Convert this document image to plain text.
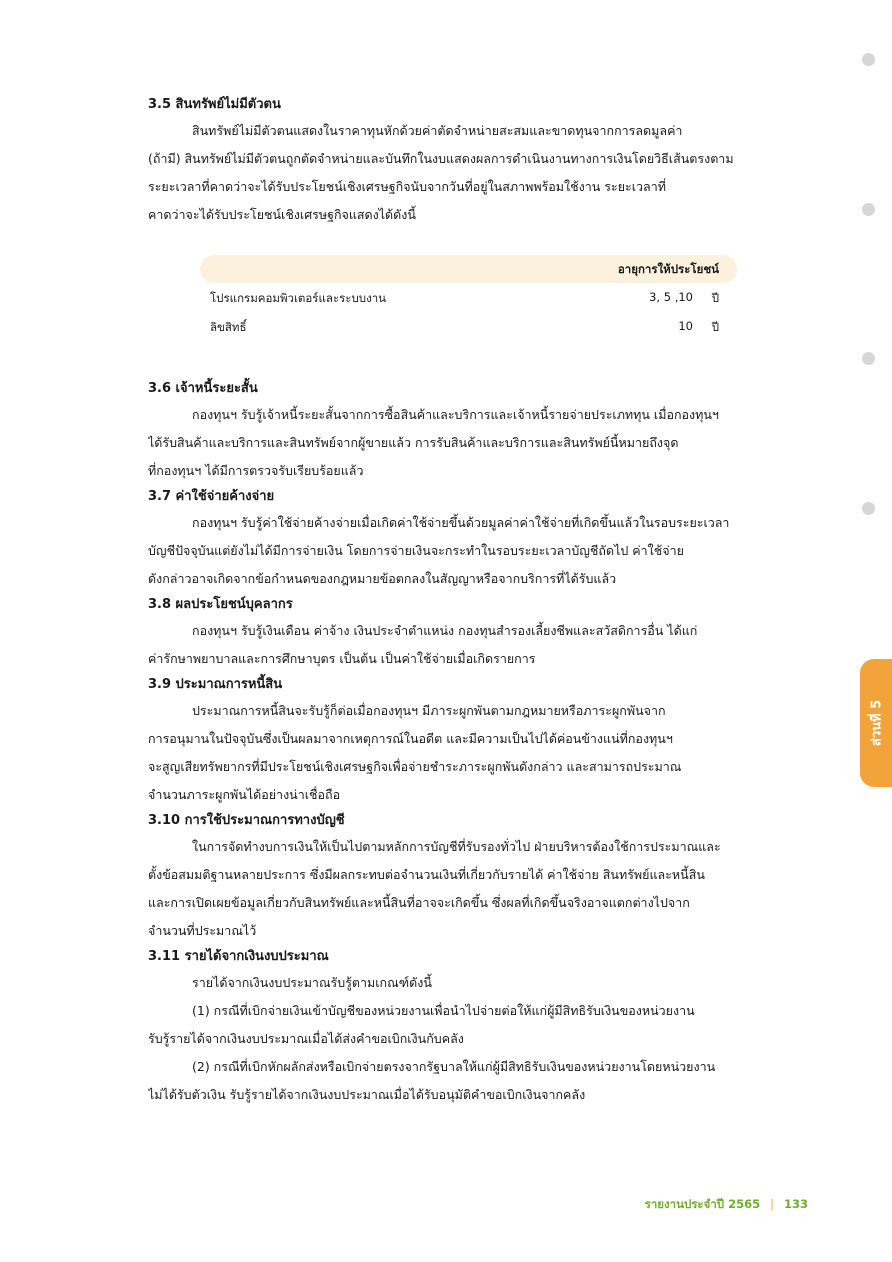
ส่วนที่ 5

3.5 สินทรัพย์ไม่มีตัวตน

สินทรัพย์ไม่มีตัวตนแสดงในราคาทุนหักด้วยค่าตัดจำหน่ายสะสมและขาดทุนจากการลดมูลค่า
(ถ้ามี) สินทรัพย์ไม่มีตัวตนถูกตัดจำหน่ายและบันทึกในงบแสดงผลการดำเนินงานทางการเงินโดยวิธีเส้นตรงตาม
ระยะเวลาที่คาดว่าจะได้รับประโยชน์เชิงเศรษฐกิจนับจากวันที่อยู่ในสภาพพร้อมใช้งาน ระยะเวลาที่
คาดว่าจะได้รับประโยชน์เชิงเศรษฐกิจแสดงได้ดังนี้
อายุการให้ประโยชน์
โปรแกรมคอมพิวเตอร์และระบบงาน	3, 5 ,10 ปี
ลิขสิทธิ์	10 ปี

3.6 เจ้าหนี้ระยะสั้น

กองทุนฯ รับรู้เจ้าหนี้ระยะสั้นจากการซื้อสินค้าและบริการและเจ้าหนี้รายจ่ายประเภททุน เมื่อกองทุนฯ
ได้รับสินค้าและบริการและสินทรัพย์จากผู้ขายแล้ว การรับสินค้าและบริการและสินทรัพย์นี้หมายถึงจุด
ที่กองทุนฯ ได้มีการตรวจรับเรียบร้อยแล้ว

3.7 ค่าใช้จ่ายค้างจ่าย

กองทุนฯ รับรู้ค่าใช้จ่ายค้างจ่ายเมื่อเกิดค่าใช้จ่ายขึ้นด้วยมูลค่าค่าใช้จ่ายที่เกิดขึ้นแล้วในรอบระยะเวลา
บัญชีปัจจุบันแต่ยังไม่ได้มีการจ่ายเงิน โดยการจ่ายเงินจะกระทำในรอบระยะเวลาบัญชีถัดไป ค่าใช้จ่าย
ดังกล่าวอาจเกิดจากข้อกำหนดของกฎหมายข้อตกลงในสัญญาหรือจากบริการที่ได้รับแล้ว

3.8 ผลประโยชน์บุคลากร

กองทุนฯ รับรู้เงินเดือน ค่าจ้าง เงินประจำตำแหน่ง กองทุนสำรองเลี้ยงชีพและสวัสดิการอื่น ได้แก่
ค่ารักษาพยาบาลและการศึกษาบุตร เป็นต้น เป็นค่าใช้จ่ายเมื่อเกิดรายการ

3.9 ประมาณการหนี้สิน

ประมาณการหนี้สินจะรับรู้ก็ต่อเมื่อกองทุนฯ มีภาระผูกพันตามกฎหมายหรือภาระผูกพันจาก
การอนุมานในปัจจุบันซึ่งเป็นผลมาจากเหตุการณ์ในอดีต และมีความเป็นไปได้ค่อนข้างแน่ที่กองทุนฯ
จะสูญเสียทรัพยากรที่มีประโยชน์เชิงเศรษฐกิจเพื่อจ่ายชำระภาระผูกพันดังกล่าว และสามารถประมาณ
จำนวนภาระผูกพันได้อย่างน่าเชื่อถือ

3.10 การใช้ประมาณการทางบัญชี

ในการจัดทำงบการเงินให้เป็นไปตามหลักการบัญชีที่รับรองทั่วไป ฝ่ายบริหารต้องใช้การประมาณและ
ตั้งข้อสมมติฐานหลายประการ ซึ่งมีผลกระทบต่อจำนวนเงินที่เกี่ยวกับรายได้ ค่าใช้จ่าย สินทรัพย์และหนี้สิน
และการเปิดเผยข้อมูลเกี่ยวกับสินทรัพย์และหนี้สินที่อาจจะเกิดขึ้น ซึ่งผลที่เกิดขึ้นจริงอาจแตกต่างไปจาก
จำนวนที่ประมาณไว้

3.11 รายได้จากเงินงบประมาณ

รายได้จากเงินงบประมาณรับรู้ตามเกณฑ์ดังนี้
(1) กรณีที่เบิกจ่ายเงินเข้าบัญชีของหน่วยงานเพื่อนำไปจ่ายต่อให้แก่ผู้มีสิทธิรับเงินของหน่วยงาน
รับรู้รายได้จากเงินงบประมาณเมื่อได้ส่งคำขอเบิกเงินกับคลัง
(2) กรณีที่เบิกหักผลักส่งหรือเบิกจ่ายตรงจากรัฐบาลให้แก่ผู้มีสิทธิรับเงินของหน่วยงานโดยหน่วยงาน
ไม่ได้รับตัวเงิน รับรู้รายได้จากเงินงบประมาณเมื่อได้รับอนุมัติคำขอเบิกเงินจากคลัง
รายงานประจำปี 2565 | 133
